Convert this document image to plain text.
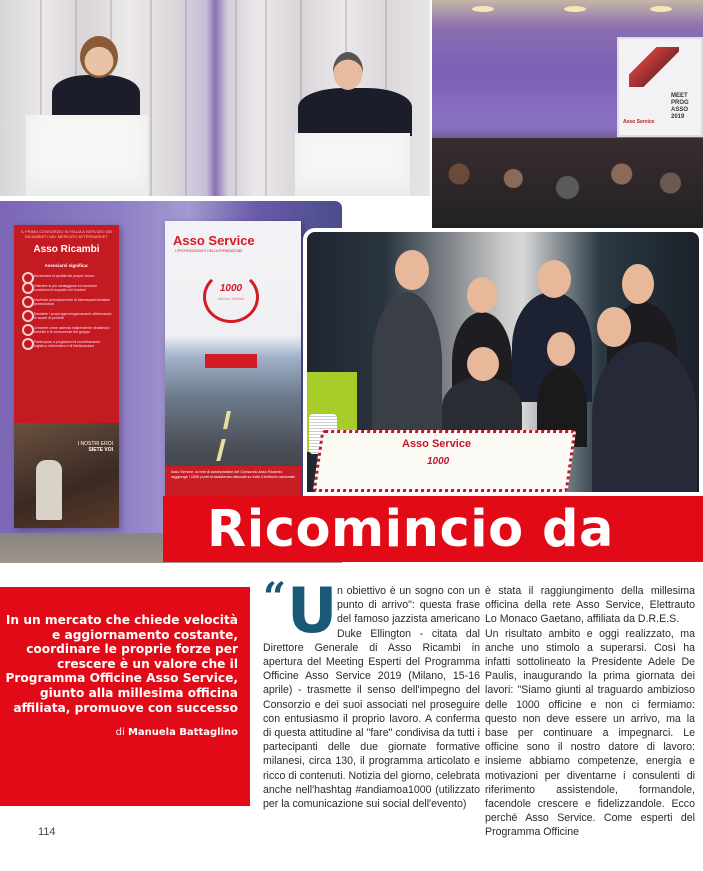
MEET
PROG
ASSO
2019
Asso Service
IL PRIMO CONSORZIO IN ITALIA A SERVIZIO DEI RICAMBISTI NEL MERCATO AFTERMARKET
Asso Ricambi
Associarsi significa:
Accrescere la qualità del proprio lavoro
Ottenere le più vantaggiose ed esclusive condizioni di acquisto dei fornitori
Usufruire periodicamente di interessanti iniziative promozionali
Decidere i propri approvvigionamenti ottimizzando le scorte di prodotti
Crescere come azienda indipendente sfruttando i benefici e le conoscenze del gruppo
Partecipare a programmi di coordinamento logistico, informatico e di fidelizzazione
I NOSTRI EROI
SIETE VOI
Asso Service
I PROFESSIONISTI DELLA RIPARAZIONE
1000
officine affiliate
Asso Service, la rete di autoriparatori del Consorzio Asso Ricambi, raggiunge i 1000 punti di assistenza dislocati su tutto il territorio nazionale
Asso Service
1000
Ricomincio da
In un mercato che chiede velocità e aggiornamento costante, coordinare le proprie forze per crescere è un valore che il Programma Officine Asso Service, giunto alla millesima officina affiliata, promuove con successo
di Manuela Battaglino
“ U n obiettivo è un sogno con un punto di arrivo": questa frase del famoso jazzista americano Duke Ellington - citata dal Direttore Generale di Asso Ricambi in apertura del Meeting Esperti del Programma Officine Asso Service 2019 (Milano, 15-16 aprile) - trasmette il senso dell'impegno del Consorzio e dei suoi associati nel proseguire con entusiasmo il proprio lavoro. A conferma di questa attitudine al "fare" condivisa da tutti i partecipanti delle due giornate formative milanesi, circa 130, il programma articolato e ricco di contenuti. Notizia del giorno, celebrata anche nell'hashtag #andiamoa1000 (utilizzato per la comunicazione sui social dell'evento)

è stata il raggiungimento della millesima officina della rete Asso Service, Elettrauto Lo Monaco Gaetano, affiliata da D.R.E.S.

Un risultato ambito e oggi realizzato, ma anche uno stimolo a superarsi. Così ha infatti sottolineato la Presidente Adele De Paulis, inaugurando la prima giornata dei lavori: "Siamo giunti al traguardo ambizioso delle 1000 officine e non ci fermiamo: questo non deve essere un arrivo, ma la base per continuare a impegnarci. Le officine sono il nostro datore di lavoro: insieme abbiamo competenze, energia e motivazioni per diventarne i consulenti di riferimento assistendole, formandole, facendole crescere e fidelizzandole. Ecco perché Asso Service. Come esperti del Programma Officine

114
